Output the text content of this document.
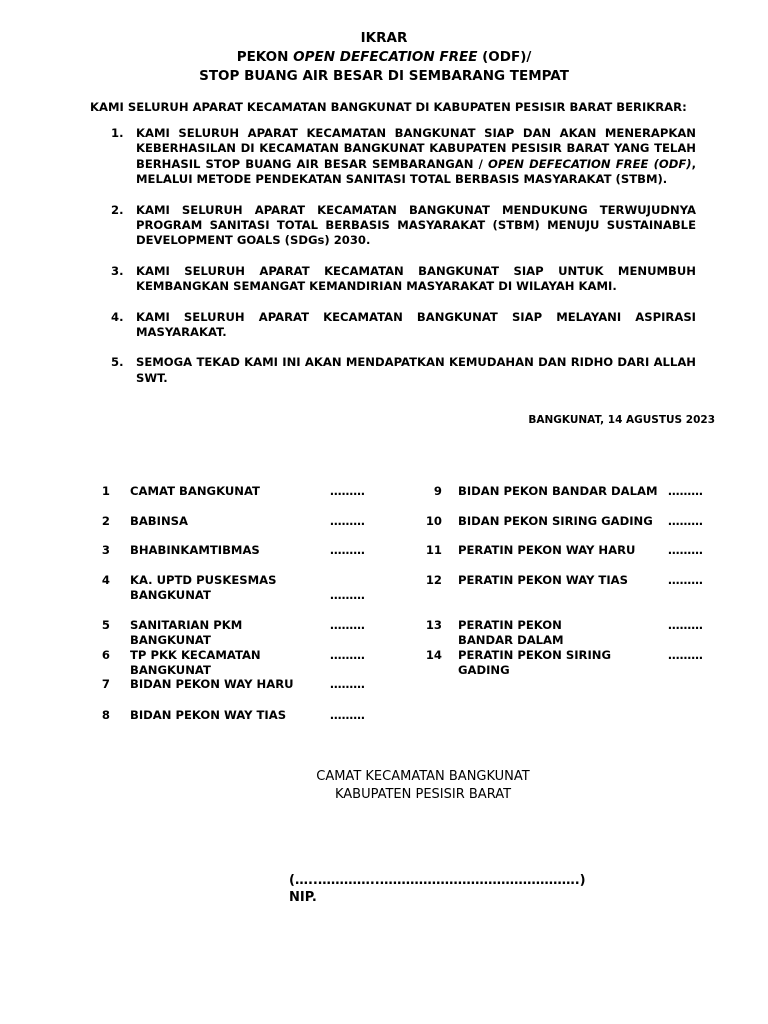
IKRAR
PEKON OPEN DEFECATION FREE (ODF)/
STOP BUANG AIR BESAR DI SEMBARANG TEMPAT
KAMI SELURUH APARAT KECAMATAN BANGKUNAT DI KABUPATEN PESISIR BARAT BERIKRAR:
1.	KAMI SELURUH APARAT KECAMATAN BANGKUNAT SIAP DAN AKAN MENERAPKAN KEBERHASILAN DI KECAMATAN BANGKUNAT KABUPATEN PESISIR BARAT YANG TELAH BERHASIL STOP BUANG AIR BESAR SEMBARANGAN / OPEN DEFECATION FREE (ODF), MELALUI METODE PENDEKATAN SANITASI TOTAL BERBASIS MASYARAKAT (STBM).
2.	KAMI SELURUH APARAT KECAMATAN BANGKUNAT MENDUKUNG TERWUJUDNYA PROGRAM SANITASI TOTAL BERBASIS MASYARAKAT (STBM) MENUJU SUSTAINABLE DEVELOPMENT GOALS (SDGs) 2030.
3.	KAMI SELURUH APARAT KECAMATAN BANGKUNAT SIAP UNTUK MENUMBUH KEMBANGKAN SEMANGAT KEMANDIRIAN MASYARAKAT DI WILAYAH KAMI.
4.	KAMI SELURUH APARAT KECAMATAN BANGKUNAT SIAP MELAYANI ASPIRASI MASYARAKAT.
5.	SEMOGA TEKAD KAMI INI AKAN MENDAPATKAN KEMUDAHAN DAN RIDHO DARI ALLAH SWT.
BANGKUNAT, 14 AGUSTUS 2023
1 CAMAT BANGKUNAT	………
2 BABINSA	………
3 BHABINKAMTIBMAS	………
4 KA. UPTD PUSKESMAS BANGKUNAT	………
5 SANITARIAN PKM BANGKUNAT
………
6 TP PKK KECAMATAN BANGKUNAT
………
7 BIDAN PEKON WAY HARU	………
8 BIDAN PEKON WAY TIAS	………
9 BIDAN PEKON BANDAR DALAM ………
10 BIDAN PEKON SIRING GADING	………
11 PERATIN PEKON WAY HARU	………
12 PERATIN PEKON WAY TIAS	………
13 PERATIN PEKON BANDAR DALAM
………
14 PERATIN PEKON SIRING GADING
………
CAMAT KECAMATAN BANGKUNAT
KABUPATEN PESISIR BARAT
(…..…………..……………………………………….)
NIP.
